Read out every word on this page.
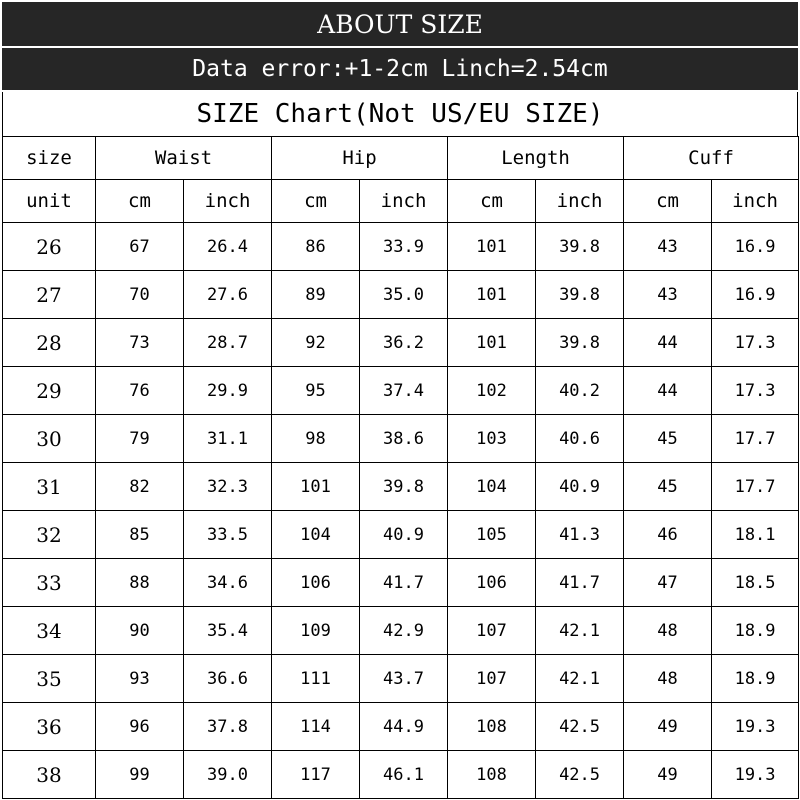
ABOUT SIZE
Data error:+1-2cm Linch=2.54cm
SIZE Chart(Not US/EU SIZE)
size	Waist		Hip		Length		Cuff	
unit	cm	inch	cm	inch	cm	inch	cm	inch
26	67	26.4	86	33.9	101	39.8	43	16.9
27	70	27.6	89	35.0	101	39.8	43	16.9
28	73	28.7	92	36.2	101	39.8	44	17.3
29	76	29.9	95	37.4	102	40.2	44	17.3
30	79	31.1	98	38.6	103	40.6	45	17.7
31	82	32.3	101	39.8	104	40.9	45	17.7
32	85	33.5	104	40.9	105	41.3	46	18.1
33	88	34.6	106	41.7	106	41.7	47	18.5
34	90	35.4	109	42.9	107	42.1	48	18.9
35	93	36.6	111	43.7	107	42.1	48	18.9
36	96	37.8	114	44.9	108	42.5	49	19.3
38	99	39.0	117	46.1	108	42.5	49	19.3
